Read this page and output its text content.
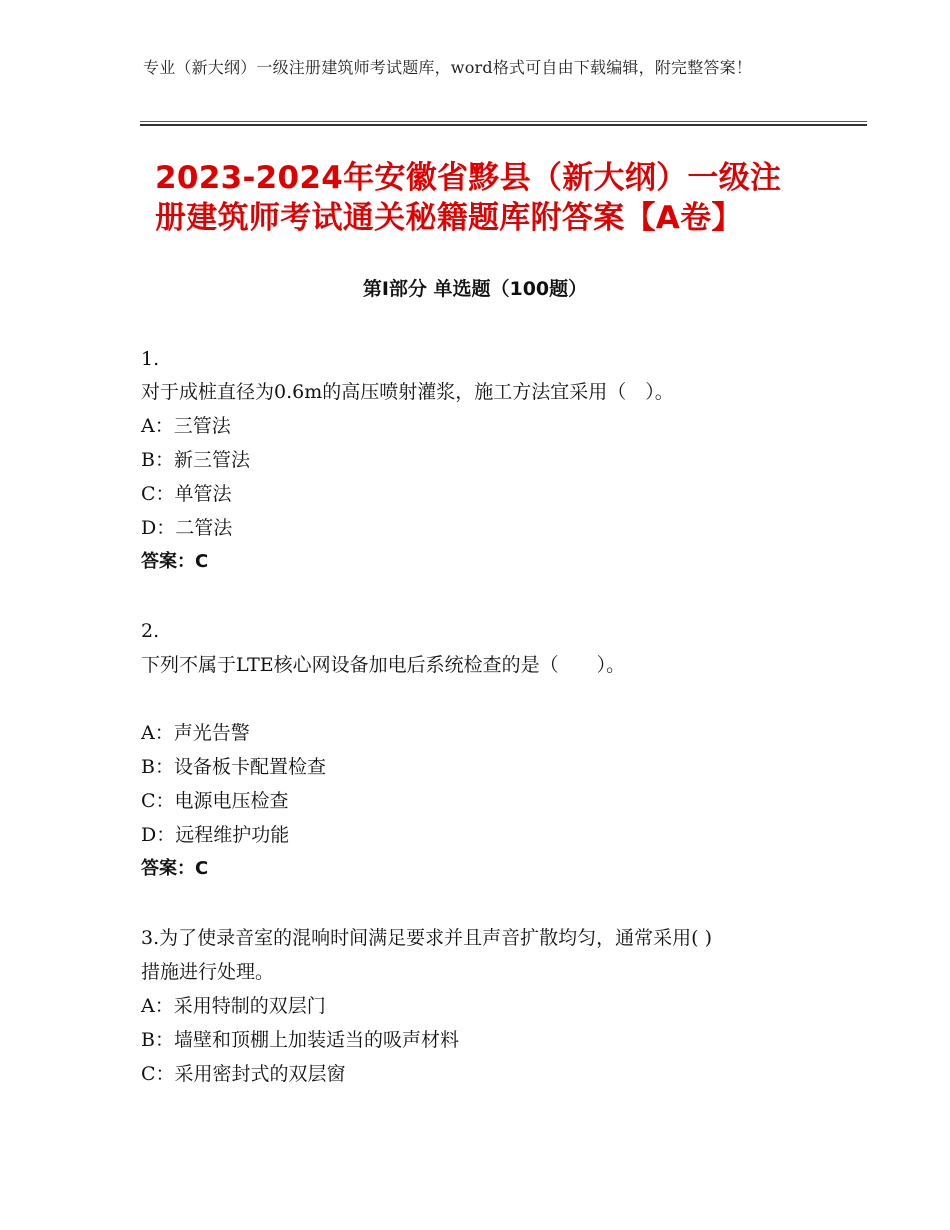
专业（新大纲）一级注册建筑师考试题库，word格式可自由下载编辑，附完整答案！
2023-2024年安徽省黟县（新大纲）一级注
册建筑师考试通关秘籍题库附答案【A卷】
第Ⅰ部分 单选题（100题）
1.
对于成桩直径为0.6m的高压喷射灌浆，施工方法宜采用（　）。
A：三管法
B：新三管法
C：单管法
D：二管法
答案：C
2.
下列不属于LTE核心网设备加电后系统检查的是（　　）。
A：声光告警
B：设备板卡配置检查
C：电源电压检查
D：远程维护功能
答案：C
3.为了使录音室的混响时间满足要求并且声音扩散均匀，通常采用( )
措施进行处理。
A：采用特制的双层门
B：墙壁和顶棚上加装适当的吸声材料
C：采用密封式的双层窗
